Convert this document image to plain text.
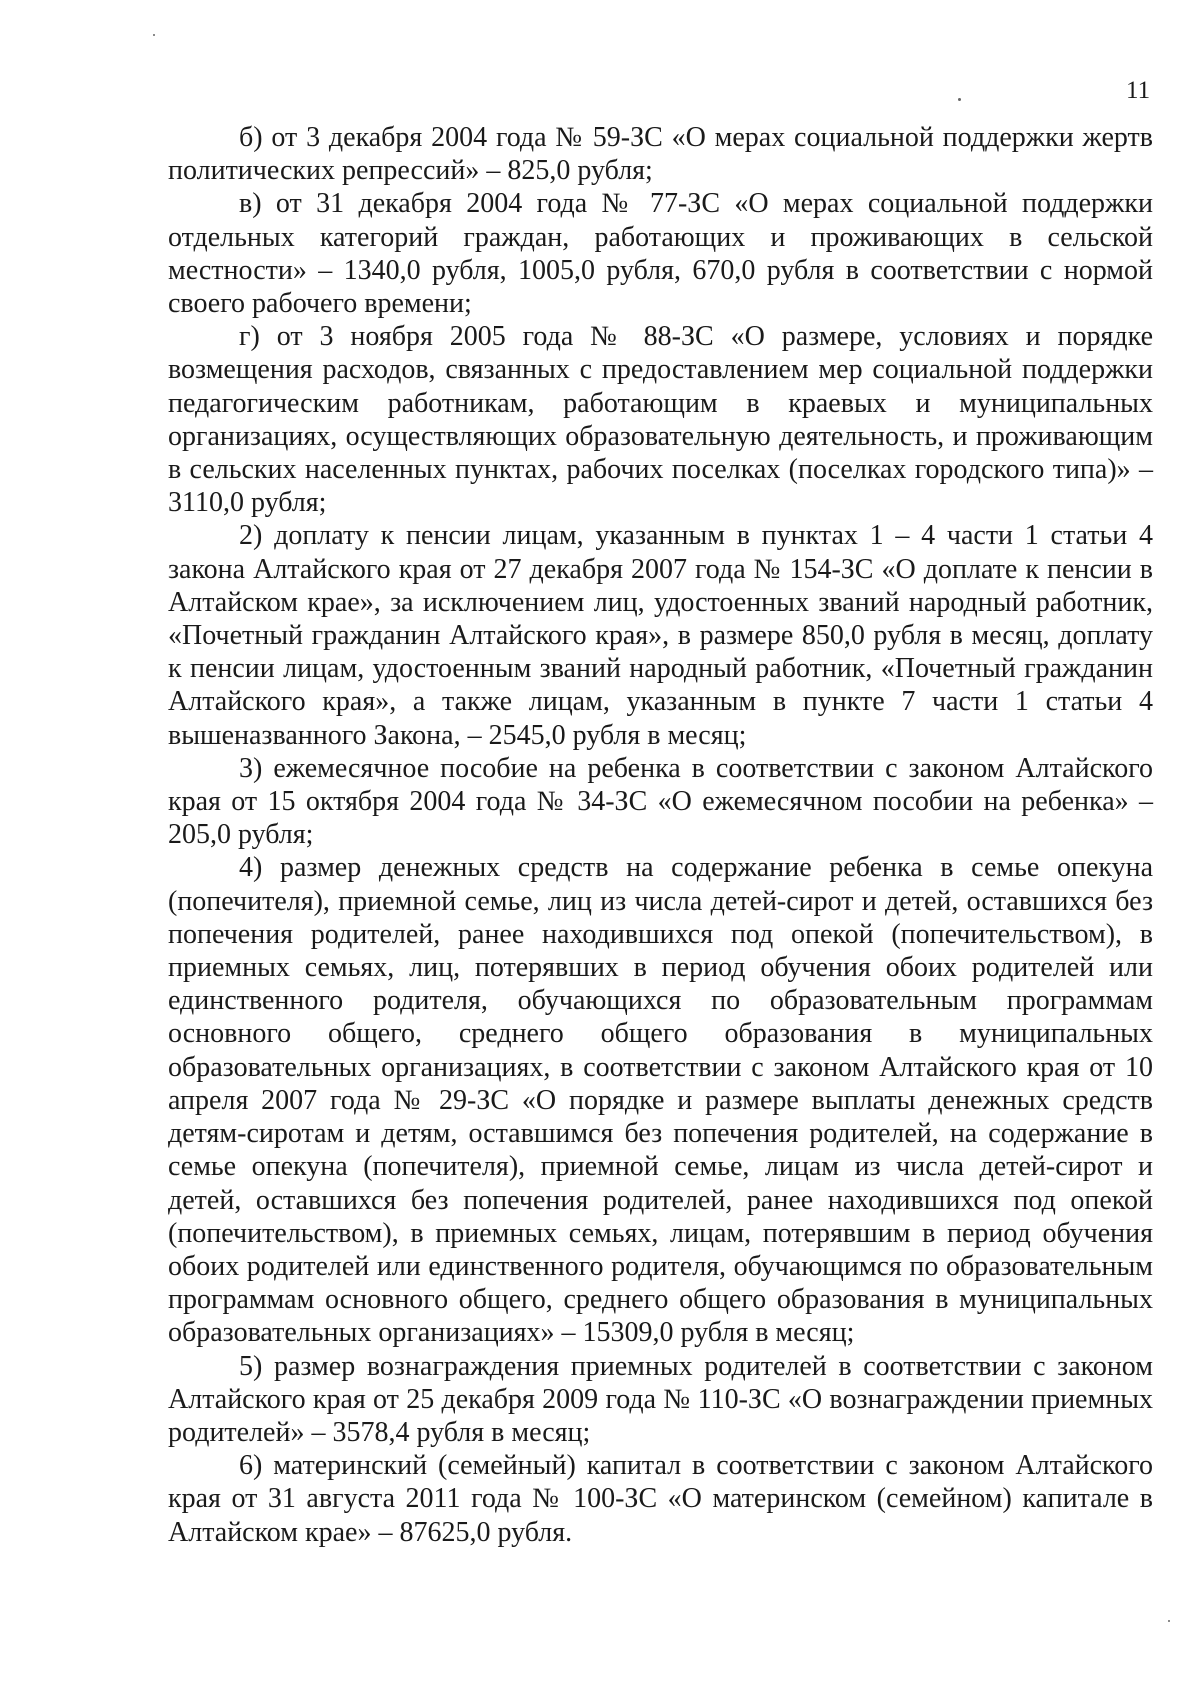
11

б) от 3 декабря 2004 года № 59-ЗС «О мерах социальной поддержки жертв политических репрессий» – 825,0 рубля;

в) от 31 декабря 2004 года № 77-ЗС «О мерах социальной поддержки отдельных категорий граждан, работающих и проживающих в сельской местности» – 1340,0 рубля, 1005,0 рубля, 670,0 рубля в соответствии с нормой своего рабочего времени;

г) от 3 ноября 2005 года № 88-ЗС «О размере, условиях и порядке возмещения расходов, связанных с предоставлением мер социальной поддержки педагогическим работникам, работающим в краевых и муниципальных организациях, осуществляющих образовательную деятельность, и проживающим в сельских населенных пунктах, рабочих поселках (поселках городского типа)» – 3110,0 рубля;

2) доплату к пенсии лицам, указанным в пунктах 1 – 4 части 1 статьи 4 закона Алтайского края от 27 декабря 2007 года № 154-ЗС «О доплате к пенсии в Алтайском крае», за исключением лиц, удостоенных званий народный работник, «Почетный гражданин Алтайского края», в размере 850,0 рубля в месяц, доплату к пенсии лицам, удостоенным званий народный работник, «Почетный гражданин Алтайского края», а также лицам, указанным в пункте 7 части 1 статьи 4 вышеназванного Закона, – 2545,0 рубля в месяц;

3) ежемесячное пособие на ребенка в соответствии с законом Алтайского края от 15 октября 2004 года № 34-ЗС «О ежемесячном пособии на ребенка» – 205,0 рубля;

4) размер денежных средств на содержание ребенка в семье опекуна (попечителя), приемной семье, лиц из числа детей-сирот и детей, оставшихся без попечения родителей, ранее находившихся под опекой (попечительством), в приемных семьях, лиц, потерявших в период обучения обоих родителей или единственного родителя, обучающихся по образовательным программам основного общего, среднего общего образования в муниципальных образовательных организациях, в соответствии с законом Алтайского края от 10 апреля 2007 года № 29-ЗС «О порядке и размере выплаты денежных средств детям-сиротам и детям, оставшимся без попечения родителей, на содержание в семье опекуна (попечителя), приемной семье, лицам из числа детей-сирот и детей, оставшихся без попечения родителей, ранее находившихся под опекой (попечительством), в приемных семьях, лицам, потерявшим в период обучения обоих родителей или единственного родителя, обучающимся по образовательным программам основного общего, среднего общего образования в муниципальных образовательных организациях» – 15309,0 рубля в месяц;

5) размер вознаграждения приемных родителей в соответствии с законом Алтайского края от 25 декабря 2009 года № 110-ЗС «О вознаграждении приемных родителей» – 3578,4 рубля в месяц;

6) материнский (семейный) капитал в соответствии с законом Алтайского края от 31 августа 2011 года № 100-ЗС «О материнском (семейном) капитале в Алтайском крае» – 87625,0 рубля.
